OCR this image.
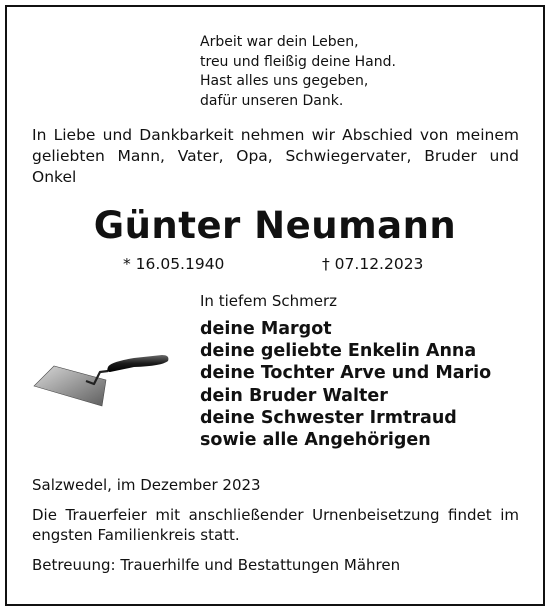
Arbeit war dein Leben,
treu und fleißig deine Hand.
Hast alles uns gegeben,
dafür unseren Dank.
In Liebe und Dankbarkeit nehmen wir Abschied von meinem geliebten Mann, Vater, Opa, Schwiegervater, Bruder und Onkel
Günter Neumann
* 16.05.1940	† 07.12.2023
In tiefem Schmerz
deine Margot
deine geliebte Enkelin Anna
deine Tochter Arve und Mario
dein Bruder Walter
deine Schwester Irmtraud
sowie alle Angehörigen
Salzwedel, im Dezember 2023
Die Trauerfeier mit anschließender Urnenbeisetzung findet im engsten Familienkreis statt.
Betreuung: Trauerhilfe und Bestattungen Mähren
